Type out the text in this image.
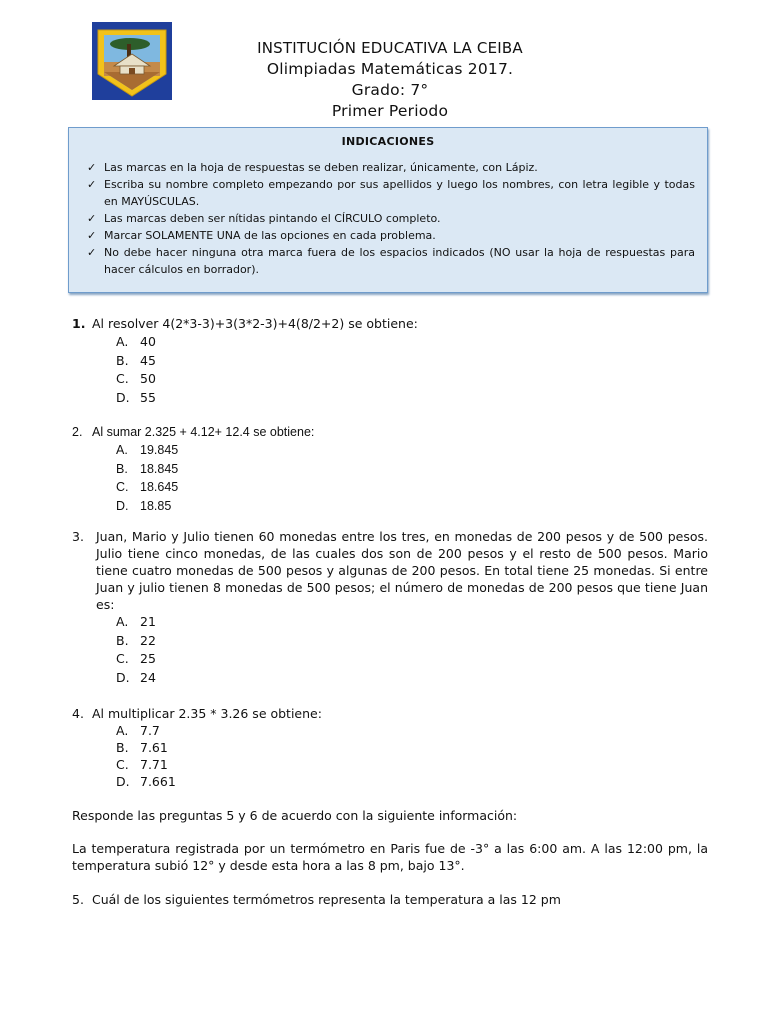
INSTITUCIÓN EDUCATIVA LA CEIBA
Olimpiadas Matemáticas 2017.
Grado: 7°
Primer Periodo
INDICACIONES
✓ Las marcas en la hoja de respuestas se deben realizar, únicamente, con Lápiz.
✓ Escriba su nombre completo empezando por sus apellidos y luego los nombres, con letra legible y todas en MAYÚSCULAS.
✓ Las marcas deben ser nítidas pintando el CÍRCULO completo.
✓ Marcar SOLAMENTE UNA de las opciones en cada problema.
✓ No debe hacer ninguna otra marca fuera de los espacios indicados (NO usar la hoja de respuestas para hacer cálculos en borrador).
1. Al resolver 4(2*3-3)+3(3*2-3)+4(8/2+2) se obtiene:
A. 40
B. 45
C. 50
D. 55
2. Al sumar 2.325 + 4.12+ 12.4 se obtiene:
A. 19.845
B. 18.845
C. 18.645
D. 18.85
3. Juan, Mario y Julio tienen 60 monedas entre los tres, en monedas de 200 pesos y de 500 pesos. Julio tiene cinco monedas, de las cuales dos son de 200 pesos y el resto de 500 pesos. Mario tiene cuatro monedas de 500 pesos y algunas de 200 pesos. En total tiene 25 monedas. Si entre Juan y julio tienen 8 monedas de 500 pesos; el número de monedas de 200 pesos que tiene Juan es:
A. 21
B. 22
C. 25
D. 24
4. Al multiplicar 2.35 * 3.26 se obtiene:
A. 7.7
B. 7.61
C. 7.71
D. 7.661
Responde las preguntas 5 y 6 de acuerdo con la siguiente información:
La temperatura registrada por un termómetro en Paris fue de -3° a las 6:00 am. A las 12:00 pm, la temperatura subió 12° y desde esta hora a las 8 pm, bajo 13°.
5. Cuál de los siguientes termómetros representa la temperatura a las 12 pm
